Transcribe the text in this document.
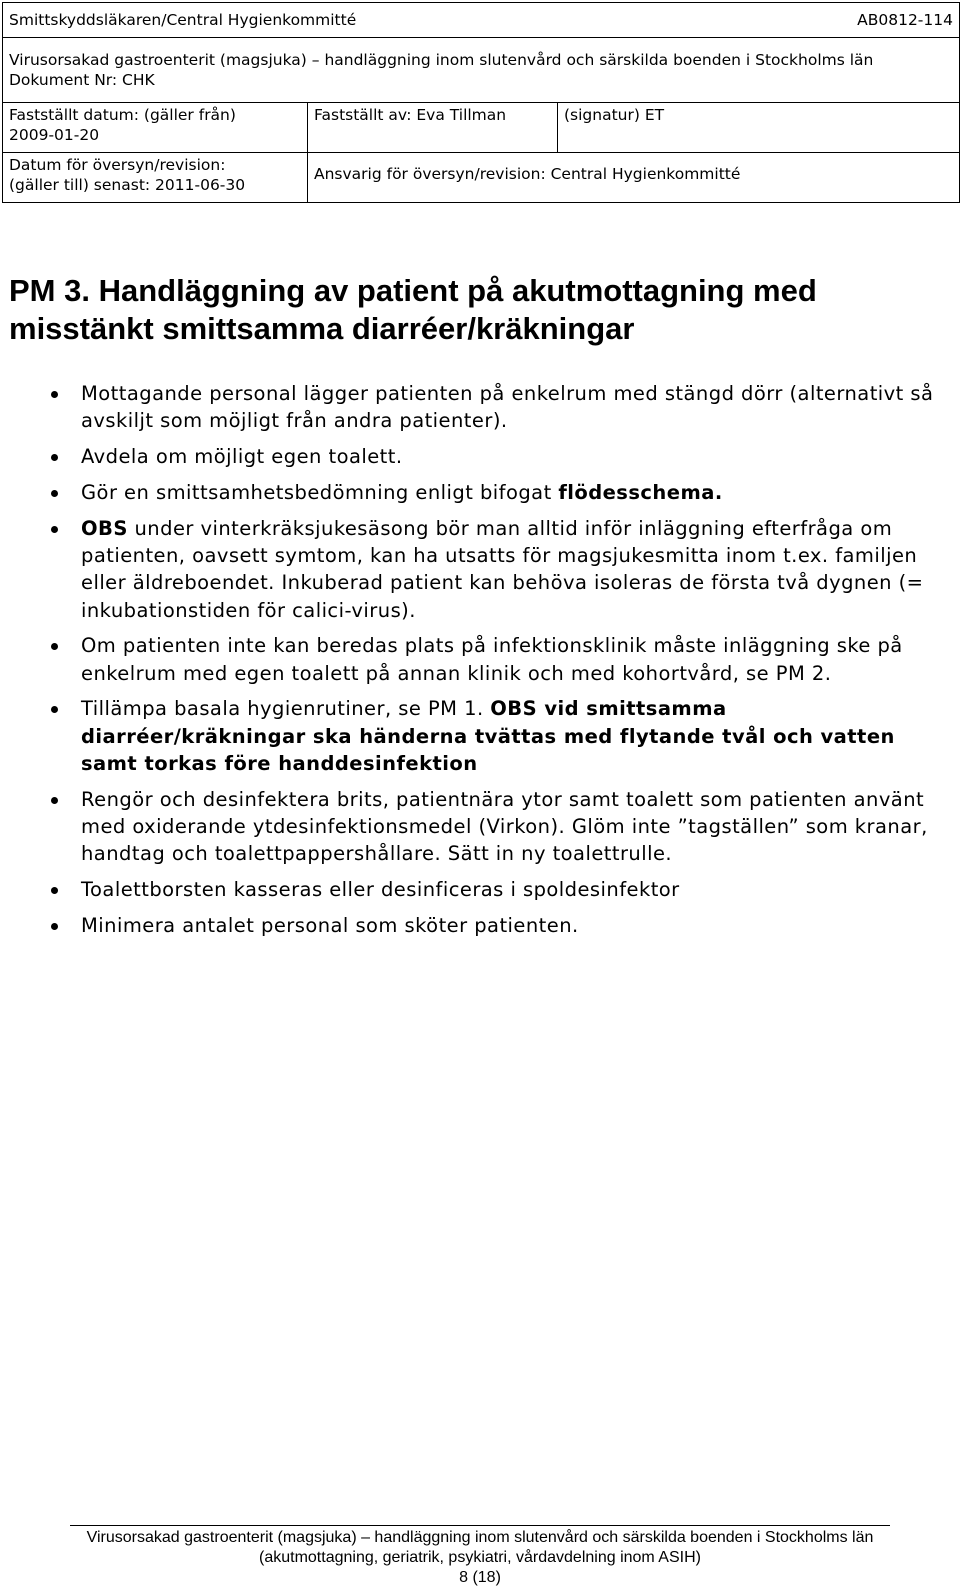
Smittskyddsläkaren/Central Hygienkommitté	AB0812-114
Virusorsakad gastroenterit (magsjuka) – handläggning inom slutenvård och särskilda boenden i Stockholms län
Dokument Nr: CHK
Fastställt datum: (gäller från)
2009-01-20
Fastställt av: Eva Tillman	(signatur) ET
Datum för översyn/revision:
(gäller till) senast: 2011-06-30
Ansvarig för översyn/revision: Central Hygienkommitté
PM 3. Handläggning av patient på akutmottagning med misstänkt smittsamma diarréer/kräkningar
Mottagande personal lägger patienten på enkelrum med stängd dörr (alternativt så avskiljt som möjligt från andra patienter).
Avdela om möjligt egen toalett.
Gör en smittsamhetsbedömning enligt bifogat flödesschema.
OBS under vinterkräksjukesäsong bör man alltid inför inläggning efterfråga om patienten, oavsett symtom, kan ha utsatts för magsjukesmitta inom t.ex. familjen eller äldreboendet. Inkuberad patient kan behöva isoleras de första två dygnen (= inkubationstiden för calici-virus).
Om patienten inte kan beredas plats på infektionsklinik måste inläggning ske på enkelrum med egen toalett på annan klinik och med kohortvård, se PM 2.
Tillämpa basala hygienrutiner, se PM 1. OBS vid smittsamma diarréer/kräkningar ska händerna tvättas med flytande tvål och vatten samt torkas före handdesinfektion
Rengör och desinfektera brits, patientnära ytor samt toalett som patienten använt med oxiderande ytdesinfektionsmedel (Virkon). Glöm inte ”tagställen” som kranar, handtag och toalettpappershållare. Sätt in ny toalettrulle.
Toalettborsten kasseras eller desinficeras i spoldesinfektor
Minimera antalet personal som sköter patienten.
Virusorsakad gastroenterit (magsjuka) – handläggning inom slutenvård och särskilda boenden i Stockholms län
(akutmottagning, geriatrik, psykiatri, vårdavdelning inom ASIH)
8 (18)
